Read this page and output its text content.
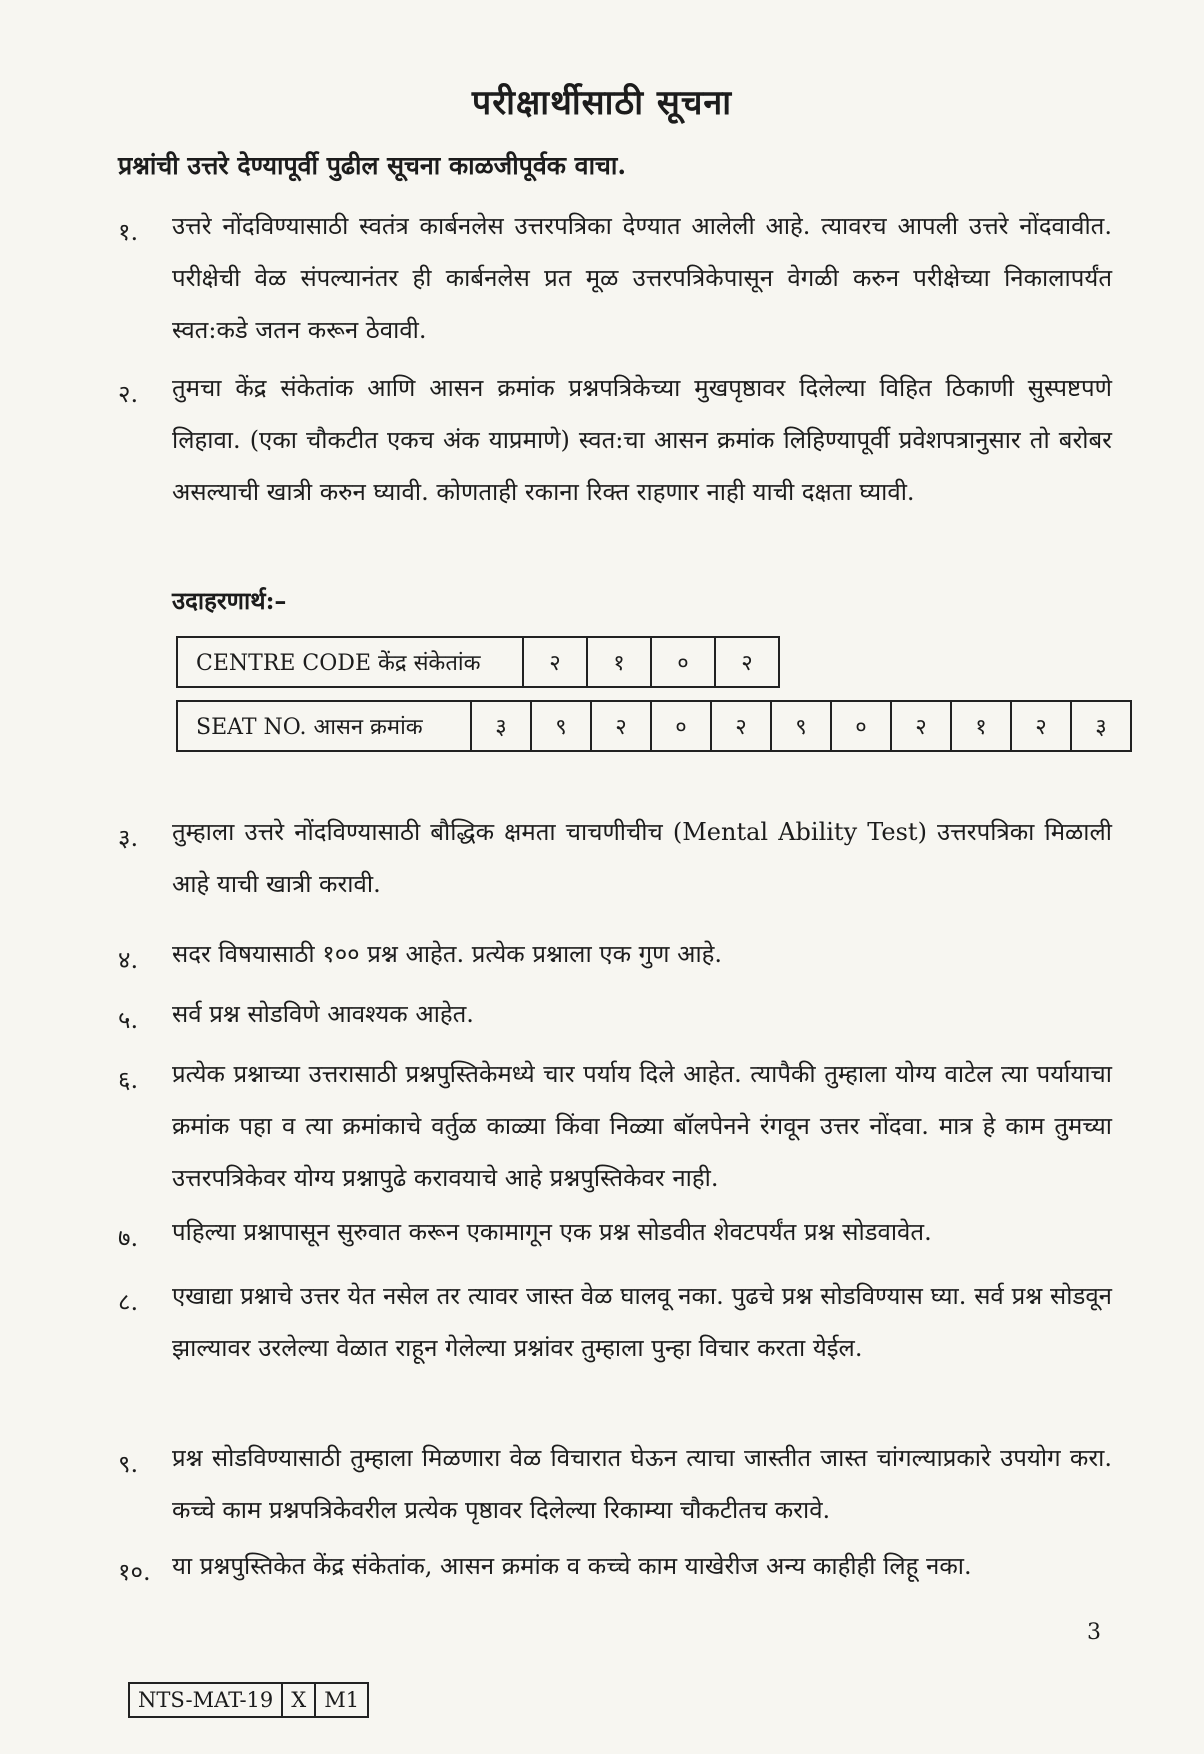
परीक्षार्थीसाठी सूचना
प्रश्नांची उत्तरे देण्यापूर्वी पुढील सूचना काळजीपूर्वक वाचा.
१.	उत्तरे नोंदविण्यासाठी स्वतंत्र कार्बनलेस उत्तरपत्रिका देण्यात आलेली आहे. त्यावरच आपली उत्तरे नोंदवावीत. परीक्षेची वेळ संपल्यानंतर ही कार्बनलेस प्रत मूळ उत्तरपत्रिकेपासून वेगळी करुन परीक्षेच्या निकालापर्यंत स्वत:कडे जतन करून ठेवावी.
२.	तुमचा केंद्र संकेतांक आणि आसन क्रमांक प्रश्नपत्रिकेच्या मुखपृष्ठावर दिलेल्या विहित ठिकाणी सुस्पष्टपणे लिहावा. (एका चौकटीत एकच अंक याप्रमाणे) स्वत:चा आसन क्रमांक लिहिण्यापूर्वी प्रवेशपत्रानुसार तो बरोबर असल्याची खात्री करुन घ्यावी. कोणताही रकाना रिक्त राहणार नाही याची दक्षता घ्यावी.
उदाहरणार्थ:–
CENTRE CODE केंद्र संकेतांक	२	१	०	२
SEAT NO. आसन क्रमांक	३	९	२	०	२	९	०	२	१	२	३
३.	तुम्हाला उत्तरे नोंदविण्यासाठी बौद्धिक क्षमता चाचणीचीच (Mental Ability Test) उत्तरपत्रिका मिळाली आहे याची खात्री करावी.
४.	सदर विषयासाठी १०० प्रश्न आहेत. प्रत्येक प्रश्नाला एक गुण आहे.
५.	सर्व प्रश्न सोडविणे आवश्यक आहेत.
६.	प्रत्येक प्रश्नाच्या उत्तरासाठी प्रश्नपुस्तिकेमध्ये चार पर्याय दिले आहेत. त्यापैकी तुम्हाला योग्य वाटेल त्या पर्यायाचा क्रमांक पहा व त्या क्रमांकाचे वर्तुळ काळ्या किंवा निळ्या बॉलपेनने रंगवून उत्तर नोंदवा. मात्र हे काम तुमच्या उत्तरपत्रिकेवर योग्य प्रश्नापुढे करावयाचे आहे प्रश्नपुस्तिकेवर नाही.
७.	पहिल्या प्रश्नापासून सुरुवात करून एकामागून एक प्रश्न सोडवीत शेवटपर्यंत प्रश्न सोडवावेत.
८.	एखाद्या प्रश्नाचे उत्तर येत नसेल तर त्यावर जास्त वेळ घालवू नका. पुढचे प्रश्न सोडविण्यास घ्या. सर्व प्रश्न सोडवून झाल्यावर उरलेल्या वेळात राहून गेलेल्या प्रश्नांवर तुम्हाला पुन्हा विचार करता येईल.
९.	प्रश्न सोडविण्यासाठी तुम्हाला मिळणारा वेळ विचारात घेऊन त्याचा जास्तीत जास्त चांगल्याप्रकारे उपयोग करा. कच्चे काम प्रश्नपत्रिकेवरील प्रत्येक पृष्ठावर दिलेल्या रिकाम्या चौकटीतच करावे.
१०. या प्रश्नपुस्तिकेत केंद्र संकेतांक, आसन क्रमांक व कच्चे काम याखेरीज अन्य काहीही लिहू नका.
3
NTS-MAT-19	X	M1
